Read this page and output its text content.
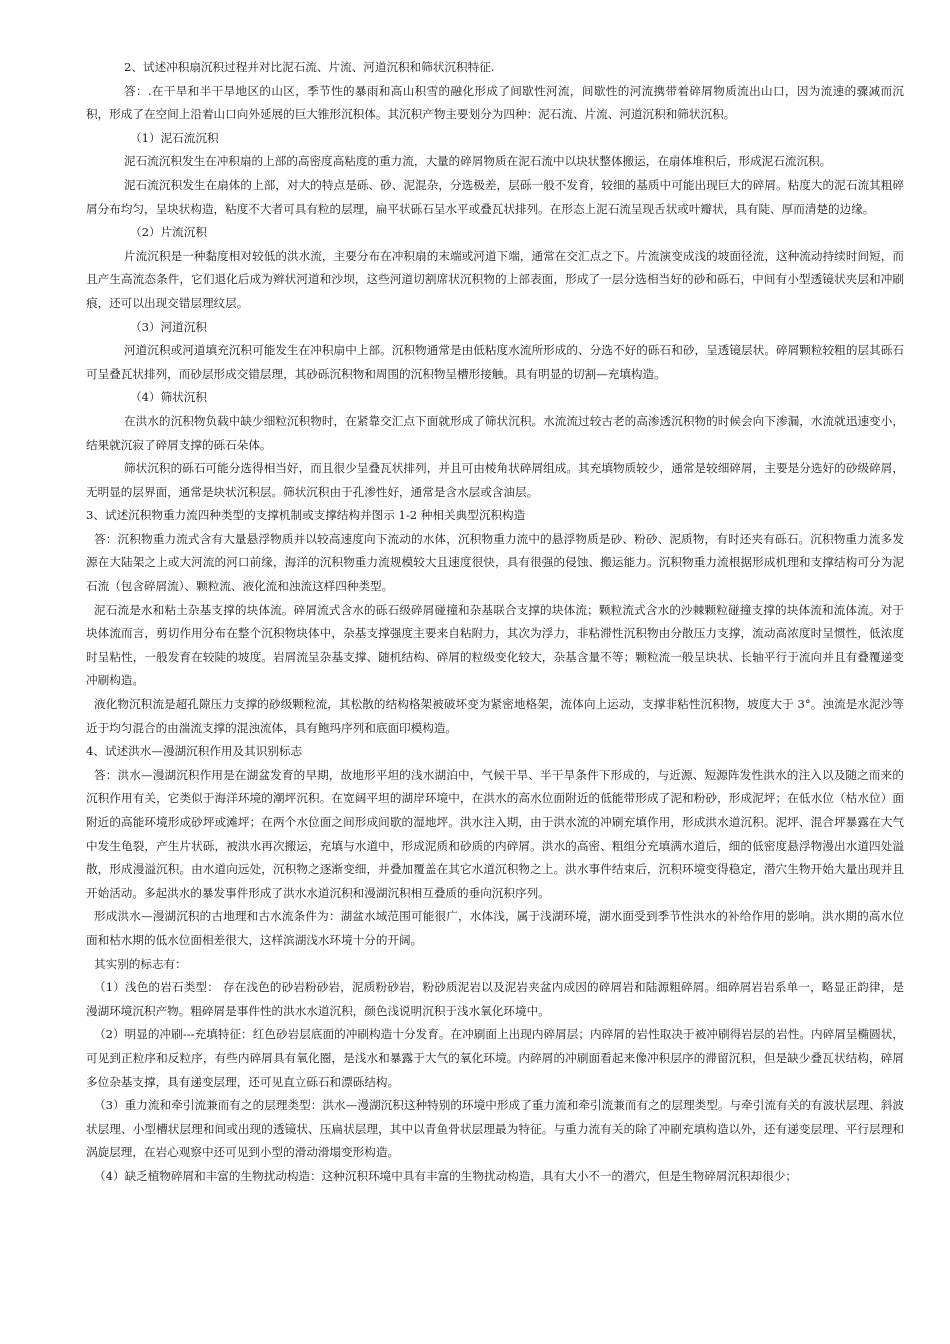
2、试述冲积扇沉积过程并对比泥石流、片流、河道沉积和筛状沉积特征.

答：.在干旱和半干旱地区的山区，季节性的暴雨和高山积雪的融化形成了间歇性河流，间歇性的河流携带着碎屑物质流出山口，因为流速的骤减而沉积，形成了在空间上沿着山口向外延展的巨大锥形沉积体。其沉积产物主要划分为四种：泥石流、片流、河道沉积和筛状沉积。

（1）泥石流沉积

泥石流沉积发生在冲积扇的上部的高密度高粘度的重力流，大量的碎屑物质在泥石流中以块状整体搬运，在扇体堆积后，形成泥石流沉积。

泥石流沉积发生在扇体的上部，对大的特点是砾、砂、泥混杂，分选极差，层砾一般不发育，较细的基质中可能出现巨大的碎屑。粘度大的泥石流其粗碎屑分布均匀，呈块状构造，粘度不大者可具有粒的层理，扁平状砾石呈水平或叠瓦状排列。在形态上泥石流呈现舌状或叶瓣状，具有陡、厚而清楚的边缘。

（2）片流沉积

片流沉积是一种黏度相对较低的洪水流，主要分布在冲积扇的末端或河道下端，通常在交汇点之下。片流演变成浅的坡面径流，这种流动持续时间短，而且产生高流态条件，它们退化后成为辫状河道和沙坝，这些河道切割席状沉积物的上部表面，形成了一层分选相当好的砂和砾石，中间有小型透镜状夹层和冲刷痕，还可以出现交错层理纹层。

（3）河道沉积

河道沉积或河道填充沉积可能发生在冲积扇中上部。沉积物通常是由低粘度水流所形成的、分选不好的砾石和砂，呈透镜层状。碎屑颗粒较粗的层其砾石可呈叠瓦状排列，而砂层形成交错层理，其砂砾沉积物和周围的沉积物呈槽形接触。具有明显的切割—充填构造。

（4）筛状沉积

在洪水的沉积物负载中缺少细粒沉积物时，在紧靠交汇点下面就形成了筛状沉积。水流流过较古老的高渗透沉积物的时候会向下渗漏，水流就迅速变小，结果就沉寂了碎屑支撑的砾石朵体。

筛状沉积的砾石可能分选得相当好，而且很少呈叠瓦状排列，并且可由棱角状碎屑组成。其充填物质较少，通常是较细碎屑，主要是分选好的砂级碎屑，无明显的层界面，通常是块状沉积层。筛状沉积由于孔渗性好，通常是含水层或含油层。

3、试述沉积物重力流四种类型的支撑机制或支撑结构并图示 1-2 种相关典型沉积构造

答：沉积物重力流式含有大量悬浮物质并以较高速度向下流动的水体，沉积物重力流中的悬浮物质是砂、粉砂、泥质物，有时还夹有砾石。沉积物重力流多发源在大陆架之上或大河流的河口前缘，海洋的沉积物重力流规模较大且速度很快，具有很强的侵蚀、搬运能力。沉积物重力流根据形成机理和支撑结构可分为泥石流（包含碎屑流）、颗粒流、液化流和浊流这样四种类型。

泥石流是水和粘土杂基支撑的块体流。碎屑流式含水的砾石级碎屑碰撞和杂基联合支撑的块体流；颗粒流式含水的沙棘颗粒碰撞支撑的块体流和流体流。对于块体流而言，剪切作用分布在整个沉积物块体中，杂基支撑强度主要来自粘附力，其次为浮力，非粘滞性沉积物由分散压力支撑，流动高浓度时呈惯性，低浓度时呈粘性，一般发育在较陡的坡度。岩屑流呈杂基支撑、随机结构、碎屑的粒级变化较大，杂基含量不等；颗粒流一般呈块状、长轴平行于流向并且有叠覆递变冲刷构造。

液化物沉积流是超孔隙压力支撑的砂级颗粒流，其松散的结构格架被破坏变为紧密地格架，流体向上运动，支撑非粘性沉积物，坡度大于 3°。浊流是水泥沙等近于均匀混合的由湍流支撑的混浊流体，具有鲍玛序列和底面印模构造。

4、试述洪水—漫湖沉积作用及其识别标志

答：洪水—漫湖沉积作用是在湖盆发育的早期，故地形平坦的浅水湖泊中，气候干旱、半干旱条件下形成的，与近源、短源阵发性洪水的注入以及随之而来的沉积作用有关，它类似于海洋环境的潮坪沉积。在宽阔平坦的湖岸环境中，在洪水的高水位面附近的低能带形成了泥和粉砂，形成泥坪；在低水位（枯水位）面附近的高能环境形成砂坪或滩坪；在两个水位面之间形成间歇的湿地坪。洪水注入期，由于洪水流的冲刷充填作用，形成洪水道沉积。泥坪、混合坪暴露在大气中发生龟裂，产生片状砾，被洪水再次搬运，充填与水道中，形成泥质和砂质的内碎屑。洪水的高密、粗组分充填满水道后，细的低密度悬浮物漫出水道四处溢散，形成漫溢沉积。由水道向远处，沉积物之逐渐变细，并叠加覆盖在其它水道沉积物之上。洪水事件结束后，沉积环境变得稳定，潜穴生物开始大量出现并且开始活动。多起洪水的暴发事件形成了洪水水道沉积和漫湖沉积相互叠质的垂向沉积序列。

形成洪水—漫湖沉积的古地理和古水流条件为：湖盆水域范围可能很广，水体浅，属于浅湖环境，湖水面受到季节性洪水的补给作用的影响。洪水期的高水位面和枯水期的低水位面相差很大，这样滨湖浅水环境十分的开阔。

其实别的标志有：

（1）浅色的岩石类型： 存在浅色的砂岩粉砂岩，泥质粉砂岩，粉砂质泥岩以及泥岩夹盆内成因的碎屑岩和陆源粗碎屑。细碎屑岩岩系单一，略显正韵律，是漫湖环境沉积产物。粗碎屑是事件性的洪水水道沉积，颜色浅说明沉积于浅水氧化环境中。

（2）明显的冲刷---充填特征：红色砂岩层底面的冲刷构造十分发育。在冲刷面上出现内碎屑层；内碎屑的岩性取决于被冲刷得岩层的岩性。内碎屑呈椭圆状，可见到正粒序和反粒序，有些内碎屑具有氧化圈，是浅水和暴露于大气的氧化环境。内碎屑的冲刷面看起来像冲积层序的滞留沉积，但是缺少叠瓦状结构，碎屑多位杂基支撑，具有递变层理，还可见直立砾石和漂砾结构。

（3）重力流和牵引流兼而有之的层理类型：洪水—漫湖沉积这种特别的环境中形成了重力流和牵引流兼而有之的层理类型。与牵引流有关的有波状层理、斜波状层理、小型槽状层理和间或出现的透镜状、压扁状层理，其中以青鱼骨状层理最为特征。与重力流有关的除了冲刷充填构造以外，还有递变层理、平行层理和涡旋层理，在岩心观察中还可见到小型的滑动滑塌变形构造。

（4）缺乏植物碎屑和丰富的生物扰动构造：这种沉积环境中具有丰富的生物扰动构造，具有大小不一的潜穴，但是生物碎屑沉积却很少；
